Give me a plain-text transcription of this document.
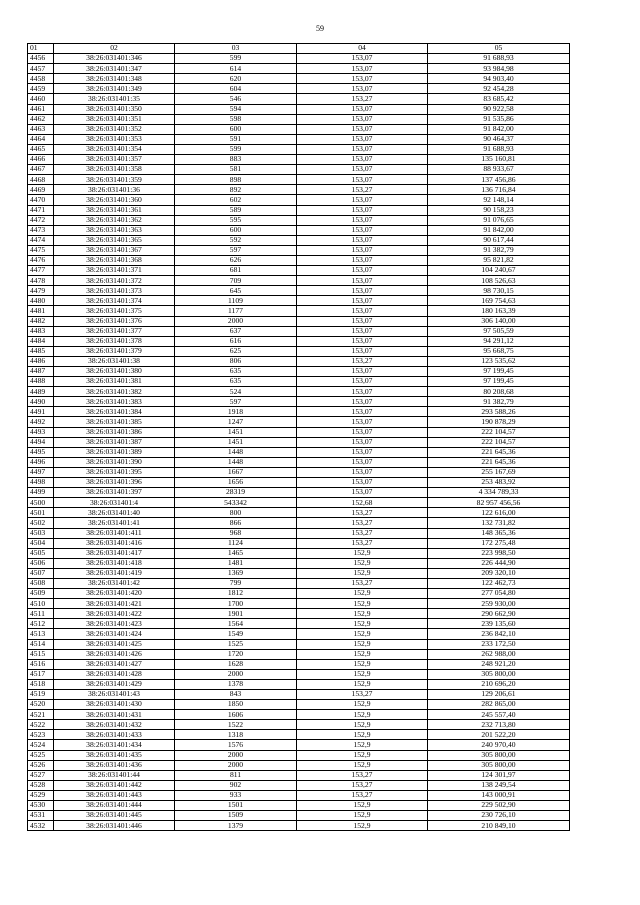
59
01	02	03	04	05
4456	38:26:031401:346	599	153,07	91 688,93
4457	38:26:031401:347	614	153,07	93 984,98
4458	38:26:031401:348	620	153,07	94 903,40
4459	38:26:031401:349	604	153,07	92 454,28
4460	38:26:031401:35	546	153,27	83 685,42
4461	38:26:031401:350	594	153,07	90 922,58
4462	38:26:031401:351	598	153,07	91 535,86
4463	38:26:031401:352	600	153,07	91 842,00
4464	38:26:031401:353	591	153,07	90 464,37
4465	38:26:031401:354	599	153,07	91 688,93
4466	38:26:031401:357	883	153,07	135 160,81
4467	38:26:031401:358	581	153,07	88 933,67
4468	38:26:031401:359	898	153,07	137 456,86
4469	38:26:031401:36	892	153,27	136 716,84
4470	38:26:031401:360	602	153,07	92 148,14
4471	38:26:031401:361	589	153,07	90 158,23
4472	38:26:031401:362	595	153,07	91 076,65
4473	38:26:031401:363	600	153,07	91 842,00
4474	38:26:031401:365	592	153,07	90 617,44
4475	38:26:031401:367	597	153,07	91 382,79
4476	38:26:031401:368	626	153,07	95 821,82
4477	38:26:031401:371	681	153,07	104 240,67
4478	38:26:031401:372	709	153,07	108 526,63
4479	38:26:031401:373	645	153,07	98 730,15
4480	38:26:031401:374	1109	153,07	169 754,63
4481	38:26:031401:375	1177	153,07	180 163,39
4482	38:26:031401:376	2000	153,07	306 140,00
4483	38:26:031401:377	637	153,07	97 505,59
4484	38:26:031401:378	616	153,07	94 291,12
4485	38:26:031401:379	625	153,07	95 668,75
4486	38:26:031401:38	806	153,27	123 535,62
4487	38:26:031401:380	635	153,07	97 199,45
4488	38:26:031401:381	635	153,07	97 199,45
4489	38:26:031401:382	524	153,07	80 208,68
4490	38:26:031401:383	597	153,07	91 382,79
4491	38:26:031401:384	1918	153,07	293 588,26
4492	38:26:031401:385	1247	153,07	190 878,29
4493	38:26:031401:386	1451	153,07	222 104,57
4494	38:26:031401:387	1451	153,07	222 104,57
4495	38:26:031401:389	1448	153,07	221 645,36
4496	38:26:031401:390	1448	153,07	221 645,36
4497	38:26:031401:395	1667	153,07	255 167,69
4498	38:26:031401:396	1656	153,07	253 483,92
4499	38:26:031401:397	28319	153,07	4 334 789,33
4500	38:26:031401:4	543342	152,68	82 957 456,56
4501	38:26:031401:40	800	153,27	122 616,00
4502	38:26:031401:41	866	153,27	132 731,82
4503	38:26:031401:411	968	153,27	148 365,36
4504	38:26:031401:416	1124	153,27	172 275,48
4505	38:26:031401:417	1465	152,9	223 998,50
4506	38:26:031401:418	1481	152,9	226 444,90
4507	38:26:031401:419	1369	152,9	209 320,10
4508	38:26:031401:42	799	153,27	122 462,73
4509	38:26:031401:420	1812	152,9	277 054,80
4510	38:26:031401:421	1700	152,9	259 930,00
4511	38:26:031401:422	1901	152,9	290 662,90
4512	38:26:031401:423	1564	152,9	239 135,60
4513	38:26:031401:424	1549	152,9	236 842,10
4514	38:26:031401:425	1525	152,9	233 172,50
4515	38:26:031401:426	1720	152,9	262 988,00
4516	38:26:031401:427	1628	152,9	248 921,20
4517	38:26:031401:428	2000	152,9	305 800,00
4518	38:26:031401:429	1378	152,9	210 696,20
4519	38:26:031401:43	843	153,27	129 206,61
4520	38:26:031401:430	1850	152,9	282 865,00
4521	38:26:031401:431	1606	152,9	245 557,40
4522	38:26:031401:432	1522	152,9	232 713,80
4523	38:26:031401:433	1318	152,9	201 522,20
4524	38:26:031401:434	1576	152,9	240 970,40
4525	38:26:031401:435	2000	152,9	305 800,00
4526	38:26:031401:436	2000	152,9	305 800,00
4527	38:26:031401:44	811	153,27	124 301,97
4528	38:26:031401:442	902	153,27	138 249,54
4529	38:26:031401:443	933	153,27	143 000,91
4530	38:26:031401:444	1501	152,9	229 502,90
4531	38:26:031401:445	1509	152,9	230 726,10
4532	38:26:031401:446	1379	152,9	210 849,10
